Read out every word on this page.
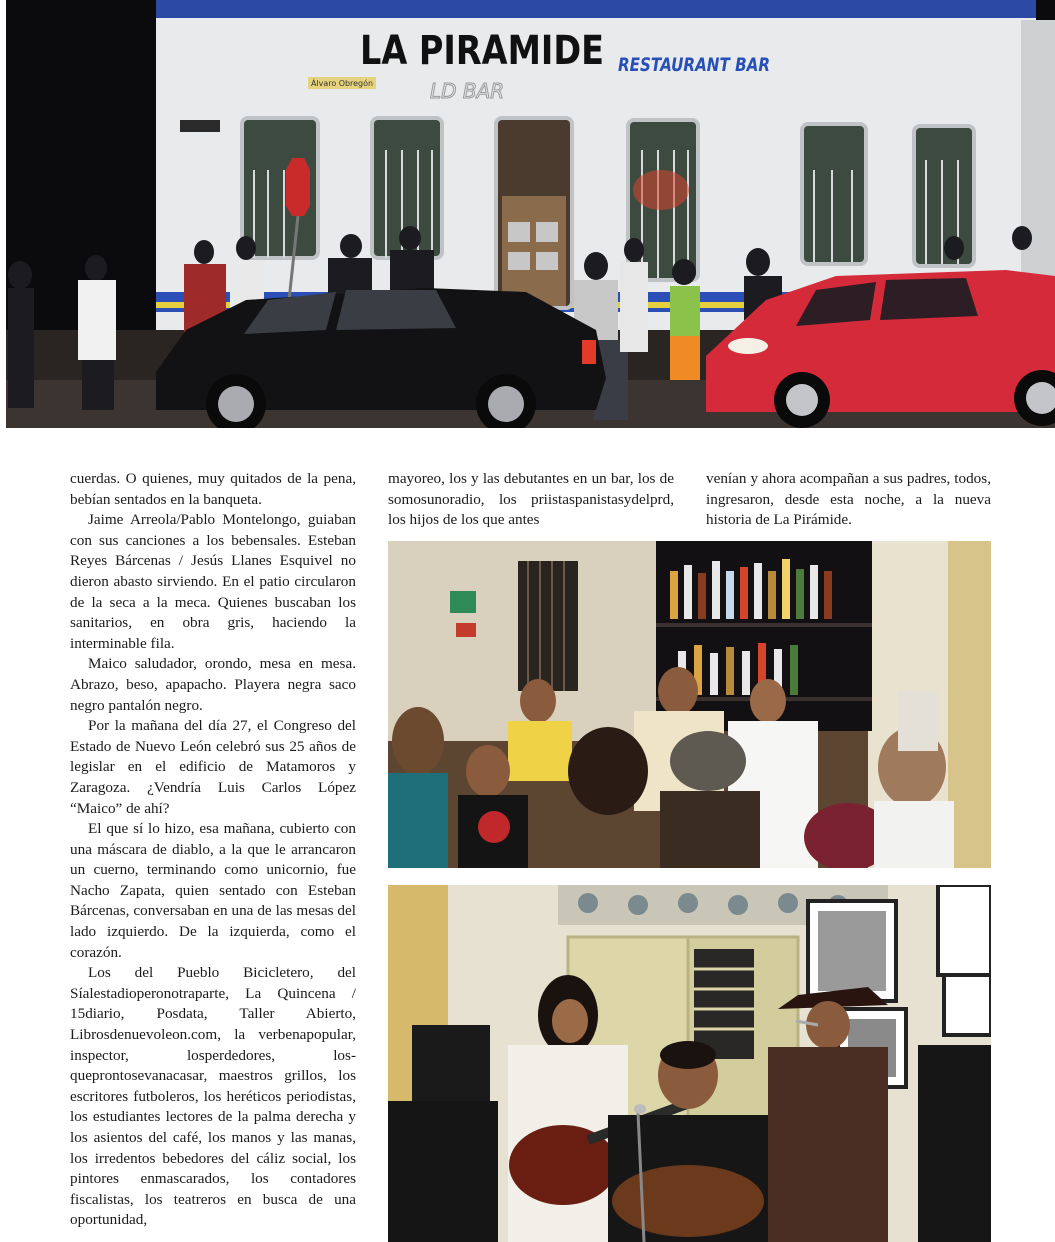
LA PIRAMIDE RESTAURANT BAR
Álvaro Obregón	LD BAR

cuerdas. O quienes, muy quitados de la pena, bebían sentados en la banqueta.

Jaime Arreola/Pablo Montelongo, guiaban con sus canciones a los bebensales. Esteban Reyes Bárcenas / Jesús Llanes Esquivel no dieron abasto sirviendo. En el patio circularon de la seca a la meca. Quienes buscaban los sanitarios, en obra gris, haciendo la interminable fila.

Maico saludador, orondo, mesa en mesa. Abrazo, beso, apapacho. Playera negra saco negro pantalón negro.

Por la mañana del día 27, el Congreso del Estado de Nuevo León celebró sus 25 años de legislar en el edificio de Matamoros y Zaragoza. ¿Vendría Luis Carlos López “Maico” de ahí?

El que sí lo hizo, esa mañana, cubierto con una máscara de diablo, a la que le arrancaron un cuerno, terminando como unicornio, fue Nacho Zapata, quien sentado con Esteban Bárcenas, conversaban en una de las mesas del lado izquierdo. De la izquierda, como el corazón.

Los del Pueblo Bicicletero, del Síalestadioperonotraparte, La Quincena / 15diario, Posdata, Taller Abierto, Librosdenuevoleon.com, la verbenapopular, inspector, losperdedores, losqueprontosevanacasar, maestros grillos, los escritores futboleros, los heréticos periodistas, los estudiantes lectores de la palma derecha y los asientos del café, los manos y las manas, los irredentos bebedores del cáliz social, los pintores enmascarados, los contadores fiscalistas, los teatreros en busca de una oportunidad,

mayoreo, los y las debutantes en un bar, los de somosunoradio, los priistaspanistasydelprd, los hijos de los que antes

venían y ahora acompañan a sus padres, todos, ingresaron, desde esta noche, a la nueva historia de La Pirámide.
